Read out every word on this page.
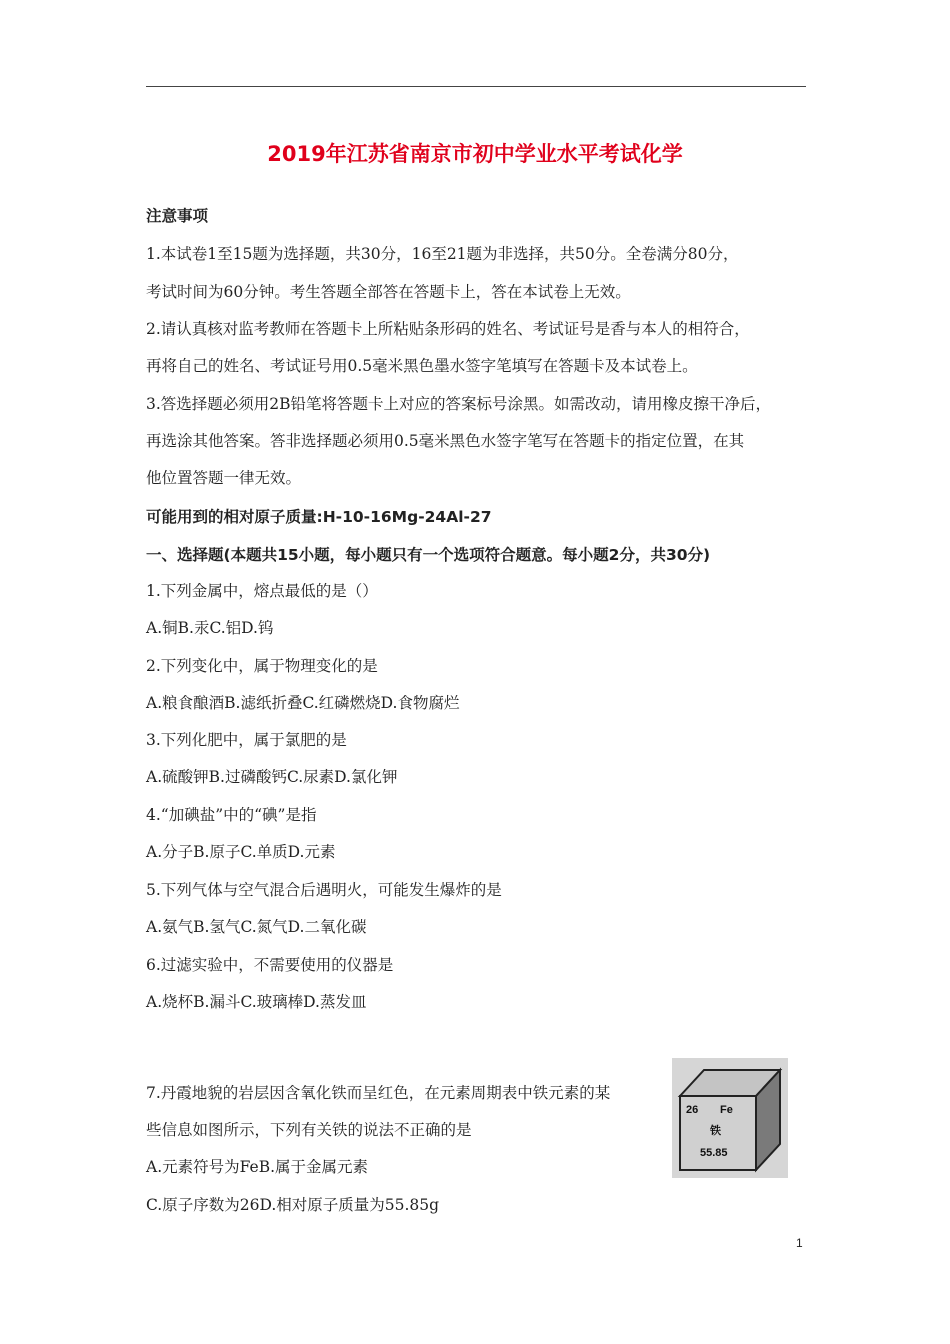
2019年江苏省南京市初中学业水平考试化学
注意事项
1.本试卷1至15题为选择题，共30分，16至21题为非选择，共50分。全卷满分80分，
考试时间为60分钟。考生答题全部答在答题卡上，答在本试卷上无效。
2.请认真核对监考教师在答题卡上所粘贴条形码的姓名、考试证号是香与本人的相符合，
再将自己的姓名、考试证号用0.5毫米黑色墨水签字笔填写在答题卡及本试卷上。
3.答选择题必须用2B铅笔将答题卡上对应的答案标号涂黑。如需改动，请用橡皮擦干净后，
再选涂其他答案。答非选择题必须用0.5毫米黑色水签字笔写在答题卡的指定位置，在其
他位置答题一律无效。
可能用到的相对原子质量:H-10-16Mg-24Al-27
一、选择题(本题共15小题，每小题只有一个选项符合题意。每小题2分，共30分)
1.下列金属中，熔点最低的是（）
A.铜B.汞C.铝D.钨
2.下列变化中，属于物理变化的是
A.粮食酿酒B.滤纸折叠C.红磷燃烧D.食物腐烂
3.下列化肥中，属于氯肥的是
A.硫酸钾B.过磷酸钙C.尿素D.氯化钾
4.“加碘盐”中的“碘”是指
A.分子B.原子C.单质D.元素
5.下列气体与空气混合后遇明火，可能发生爆炸的是
A.氨气B.氢气C.氮气D.二氧化碳
6.过滤实验中，不需要使用的仪器是
A.烧杯B.漏斗C.玻璃棒D.蒸发皿
7.丹霞地貌的岩层因含氧化铁而呈红色，在元素周期表中铁元素的某
些信息如图所示，下列有关铁的说法不正确的是
A.元素符号为FeB.属于金属元素
C.原子序数为26D.相对原子质量为55.85g
26 Fe
铁
55.85
1
